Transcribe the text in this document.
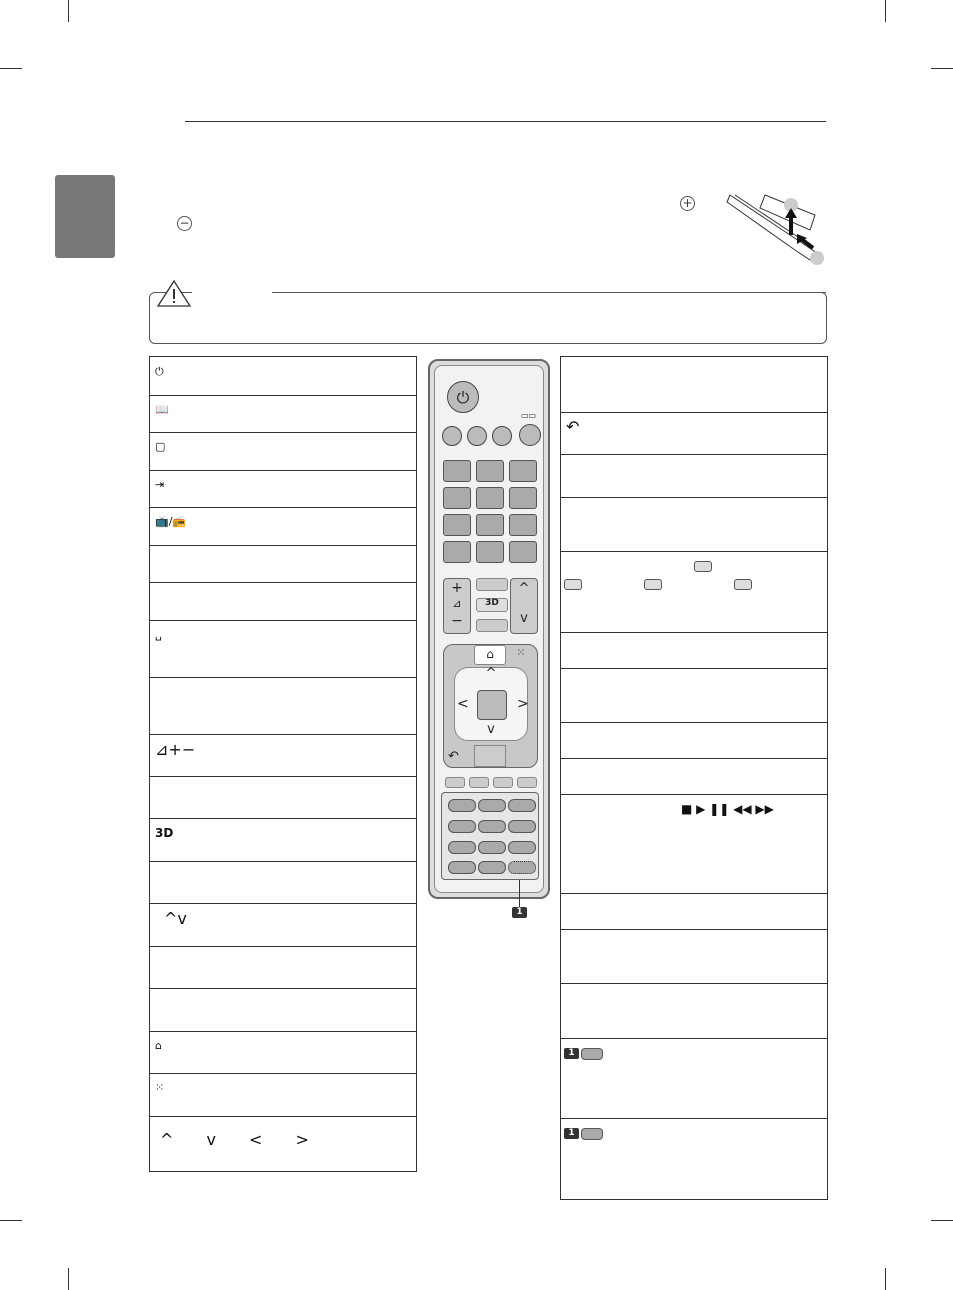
+
−
⏻
📖
▢
⇥
📺/📻
␣
⊿+−
3D
^v
⌂
⁙
^ v < >
↶
■ ▶ ❚❚ ◀◀ ▶▶
1
1
⏻
▭▭
+
⊿
−
3D
^
v
⌂	⁙
^
v
<	>
↶
1
